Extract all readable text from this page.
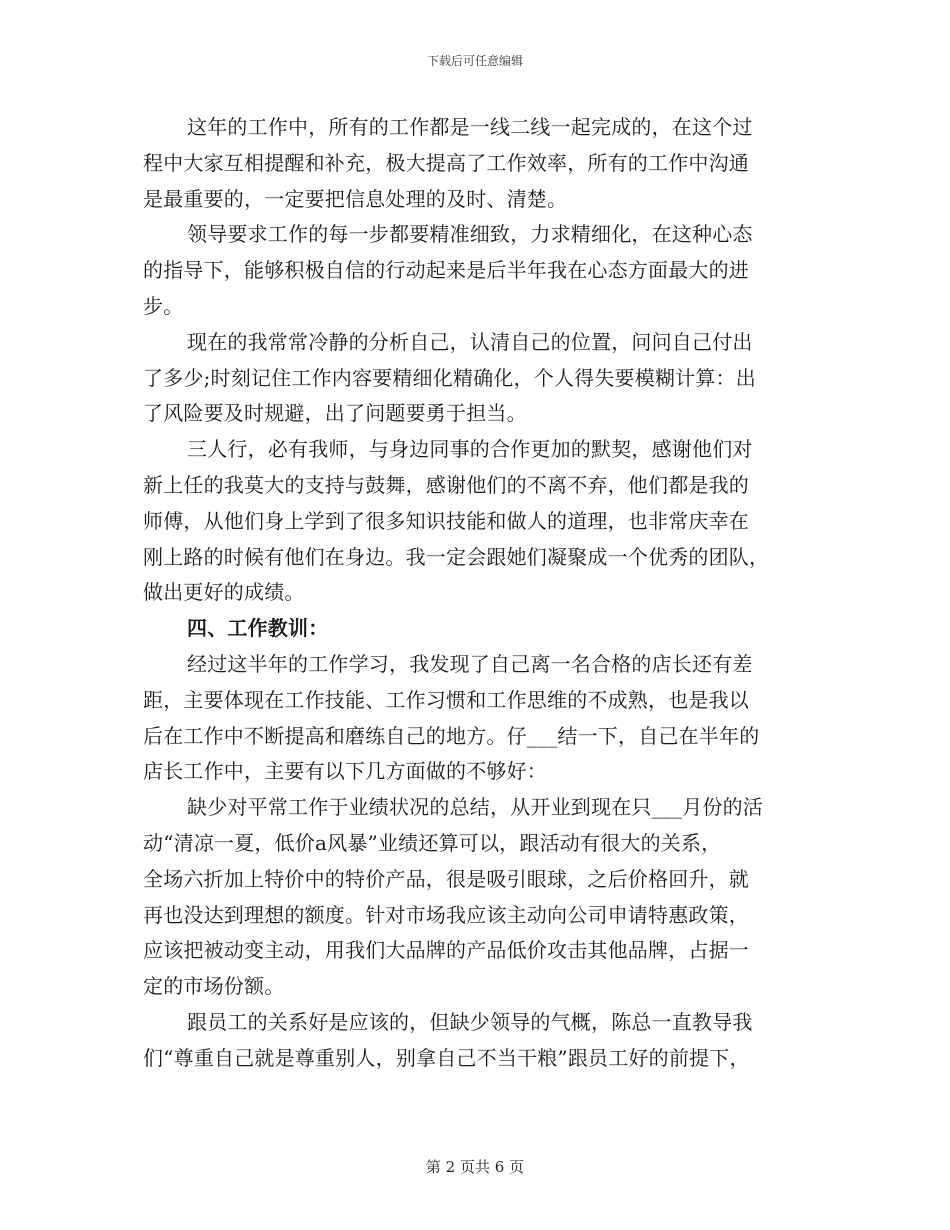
下载后可任意编辑
这年的工作中，所有的工作都是一线二线一起完成的，在这个过
程中大家互相提醒和补充，极大提高了工作效率，所有的工作中沟通
是最重要的，一定要把信息处理的及时、清楚。
领导要求工作的每一步都要精准细致，力求精细化，在这种心态
的指导下，能够积极自信的行动起来是后半年我在心态方面最大的进
步。
现在的我常常冷静的分析自己，认清自己的位置，问问自己付出
了多少;时刻记住工作内容要精细化精确化，个人得失要模糊计算：出
了风险要及时规避，出了问题要勇于担当。
三人行，必有我师，与身边同事的合作更加的默契，感谢他们对
新上任的我莫大的支持与鼓舞，感谢他们的不离不弃，他们都是我的
师傅，从他们身上学到了很多知识技能和做人的道理，也非常庆幸在
刚上路的时候有他们在身边。我一定会跟她们凝聚成一个优秀的团队，
做出更好的成绩。
四、工作教训：
经过这半年的工作学习，我发现了自己离一名合格的店长还有差
距，主要体现在工作技能、工作习惯和工作思维的不成熟，也是我以
后在工作中不断提高和磨练自己的地方。仔___结一下，自己在半年的
店长工作中，主要有以下几方面做的不够好：
缺少对平常工作于业绩状况的总结，从开业到现在只___月份的活
动“清凉一夏，低价a风暴”业绩还算可以，跟活动有很大的关系，
全场六折加上特价中的特价产品，很是吸引眼球，之后价格回升，就
再也没达到理想的额度。针对市场我应该主动向公司申请特惠政策，
应该把被动变主动，用我们大品牌的产品低价攻击其他品牌，占据一
定的市场份额。
跟员工的关系好是应该的，但缺少领导的气概，陈总一直教导我
们“尊重自己就是尊重别人，别拿自己不当干粮”跟员工好的前提下，
第 2 页共 6 页
